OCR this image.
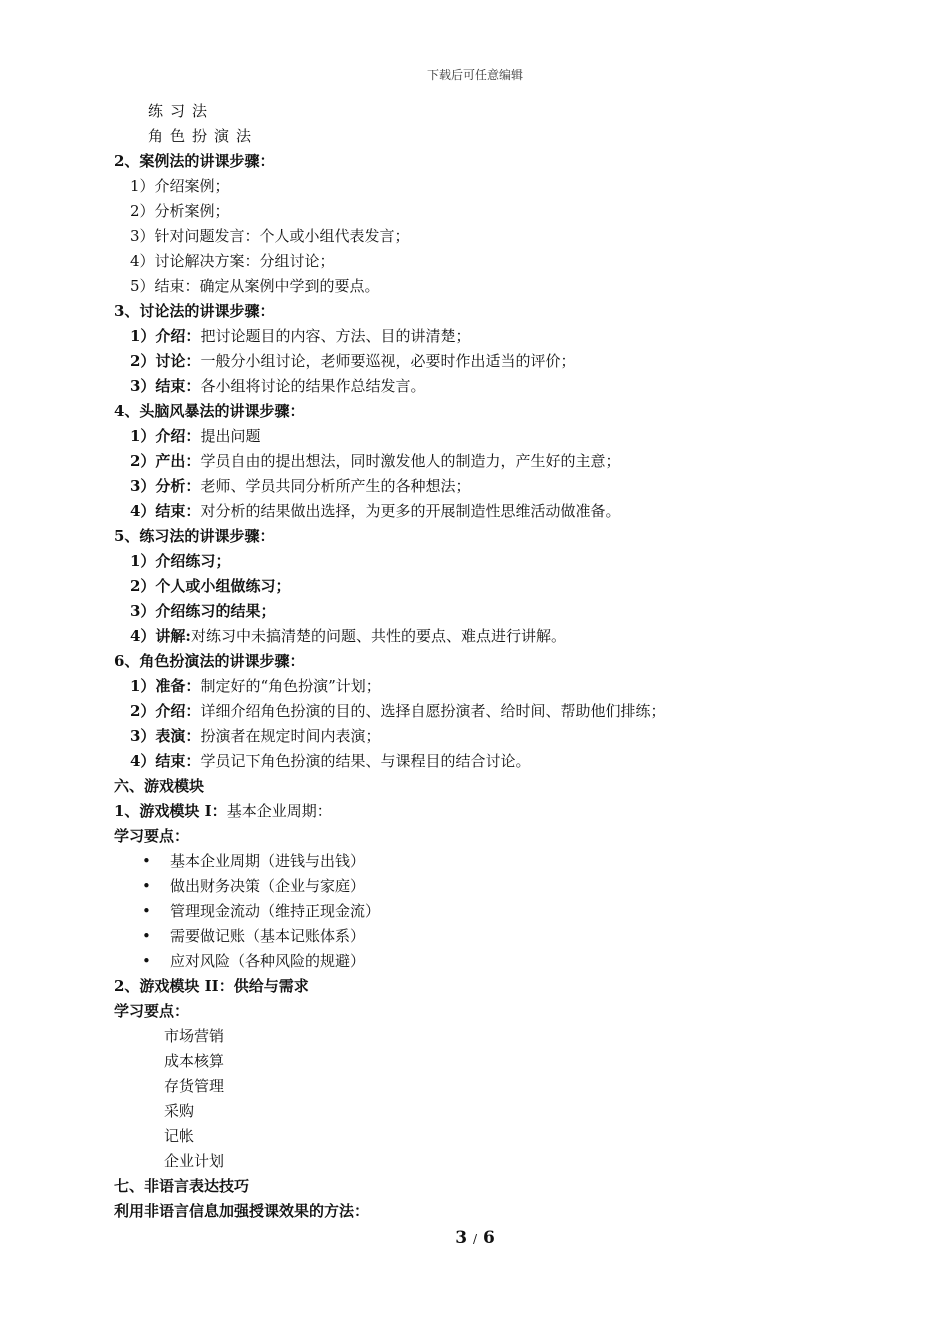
下载后可任意编辑
练习法
角色扮演法
2、案例法的讲课步骤：
1）介绍案例；
2）分析案例；
3）针对问题发言：个人或小组代表发言；
4）讨论解决方案：分组讨论；
5）结束：确定从案例中学到的要点。
3、讨论法的讲课步骤：
1）介绍：把讨论题目的内容、方法、目的讲清楚；
2）讨论：一般分小组讨论，老师要巡视，必要时作出适当的评价；
3）结束：各小组将讨论的结果作总结发言。
4、头脑风暴法的讲课步骤：
1）介绍：提出问题
2）产出：学员自由的提出想法，同时激发他人的制造力，产生好的主意；
3）分析：老师、学员共同分析所产生的各种想法；
4）结束：对分析的结果做出选择，为更多的开展制造性思维活动做准备。
5、练习法的讲课步骤：
1）介绍练习；
2）个人或小组做练习；
3）介绍练习的结果；
4）讲解:对练习中未搞清楚的问题、共性的要点、难点进行讲解。
6、角色扮演法的讲课步骤：
1）准备：制定好的“角色扮演”计划；
2）介绍：详细介绍角色扮演的目的、选择自愿扮演者、给时间、帮助他们排练；
3）表演：扮演者在规定时间内表演；
4）结束：学员记下角色扮演的结果、与课程目的结合讨论。
六、游戏模块
1、游戏模块 I：基本企业周期：
学习要点：
• 基本企业周期（进钱与出钱）
• 做出财务决策（企业与家庭）
• 管理现金流动（维持正现金流）
• 需要做记账（基本记账体系）
• 应对风险（各种风险的规避）
2、游戏模块 II：供给与需求
学习要点：
市场营销
成本核算
存货管理
采购
记帐
企业计划
七、非语言表达技巧
利用非语言信息加强授课效果的方法：
3 / 6
